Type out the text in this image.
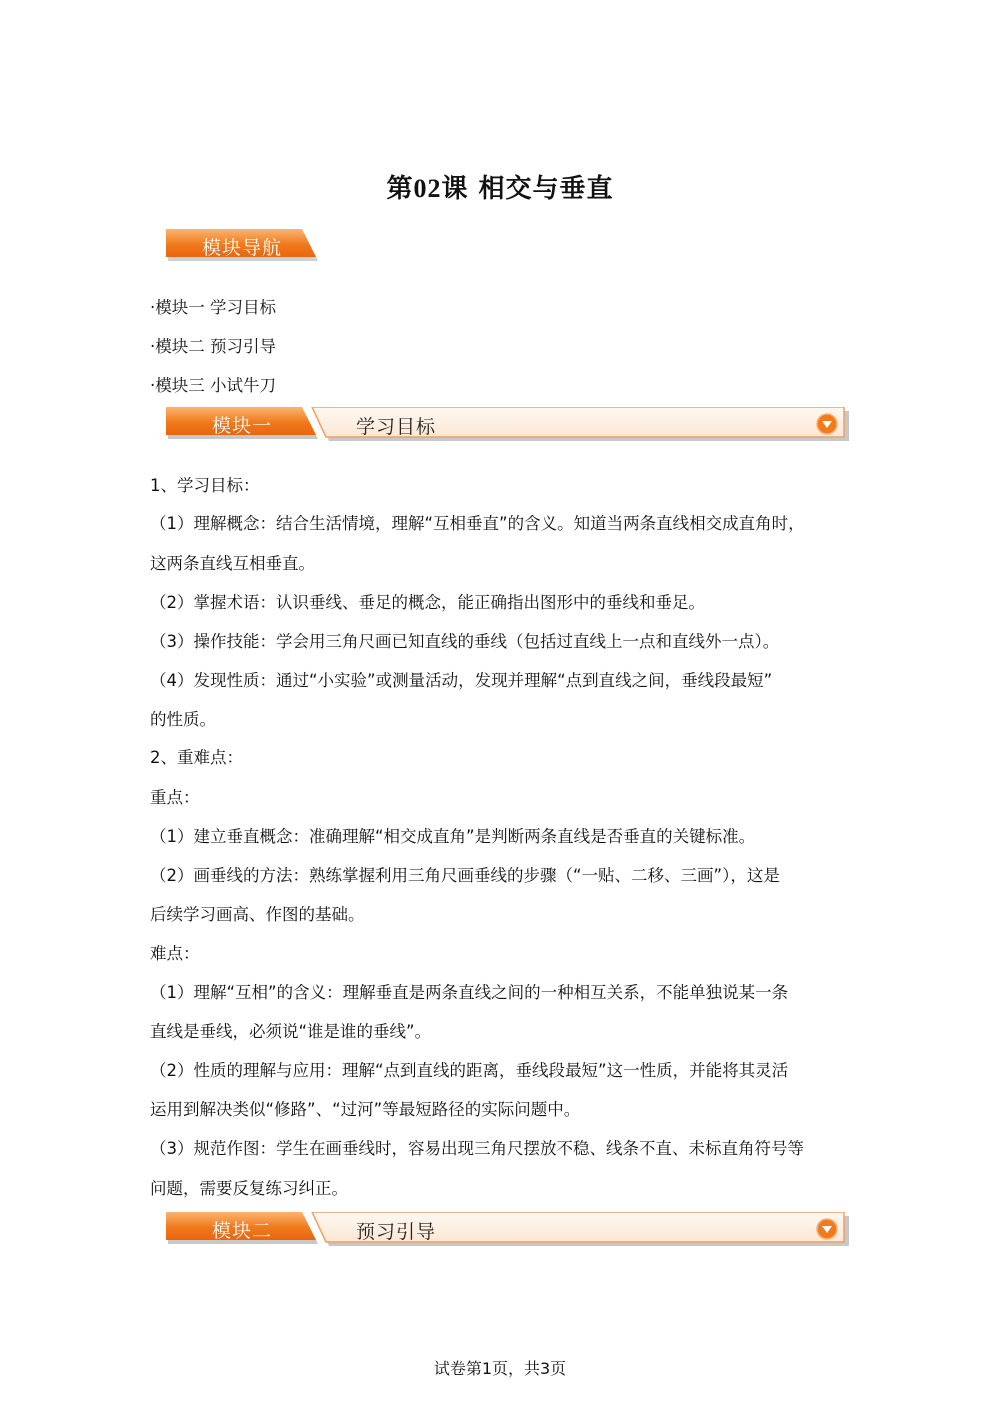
第02课 相交与垂直
模块导航
·模块一 学习目标
·模块二 预习引导
·模块三 小试牛刀
模块一	学习目标
1、学习目标：
（1）理解概念：结合生活情境，理解“互相垂直”的含义。知道当两条直线相交成直角时，
这两条直线互相垂直。
（2）掌握术语：认识垂线、垂足的概念，能正确指出图形中的垂线和垂足。
（3）操作技能：学会用三角尺画已知直线的垂线（包括过直线上一点和直线外一点）。
（4）发现性质：通过“小实验”或测量活动，发现并理解“点到直线之间，垂线段最短”
的性质。
2、重难点：
重点：
（1）建立垂直概念：准确理解“相交成直角”是判断两条直线是否垂直的关键标准。
（2）画垂线的方法：熟练掌握利用三角尺画垂线的步骤（“一贴、二移、三画”），这是
后续学习画高、作图的基础。
难点：
（1）理解“互相”的含义：理解垂直是两条直线之间的一种相互关系，不能单独说某一条
直线是垂线，必须说“谁是谁的垂线”。
（2）性质的理解与应用：理解“点到直线的距离，垂线段最短”这一性质，并能将其灵活
运用到解决类似“修路”、“过河”等最短路径的实际问题中。
（3）规范作图：学生在画垂线时，容易出现三角尺摆放不稳、线条不直、未标直角符号等
问题，需要反复练习纠正。
模块二	预习引导
试卷第1页，共3页
